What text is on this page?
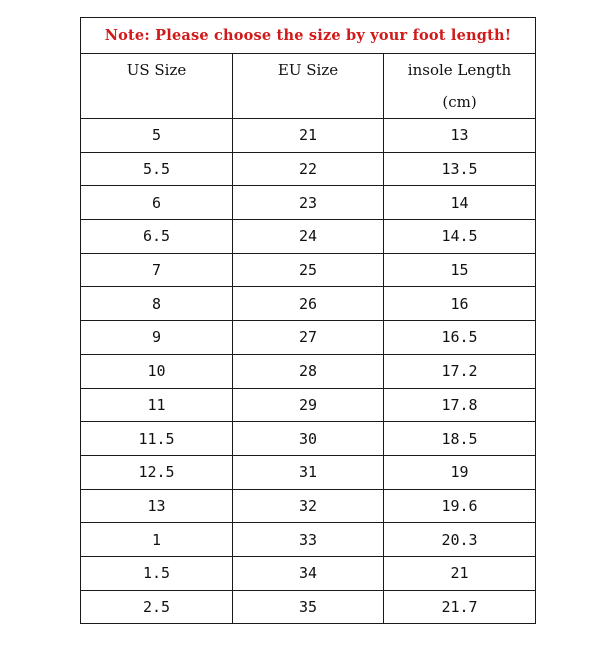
Note: Please choose the size by your foot length!		
US Size	EU Size	insole Length
(cm)

5	21	13
5.5	22	13.5
6	23	14
6.5	24	14.5
7	25	15
8	26	16
9	27	16.5
10	28	17.2
11	29	17.8
11.5	30	18.5
12.5	31	19
13	32	19.6
1	33	20.3
1.5	34	21
2.5	35	21.7
